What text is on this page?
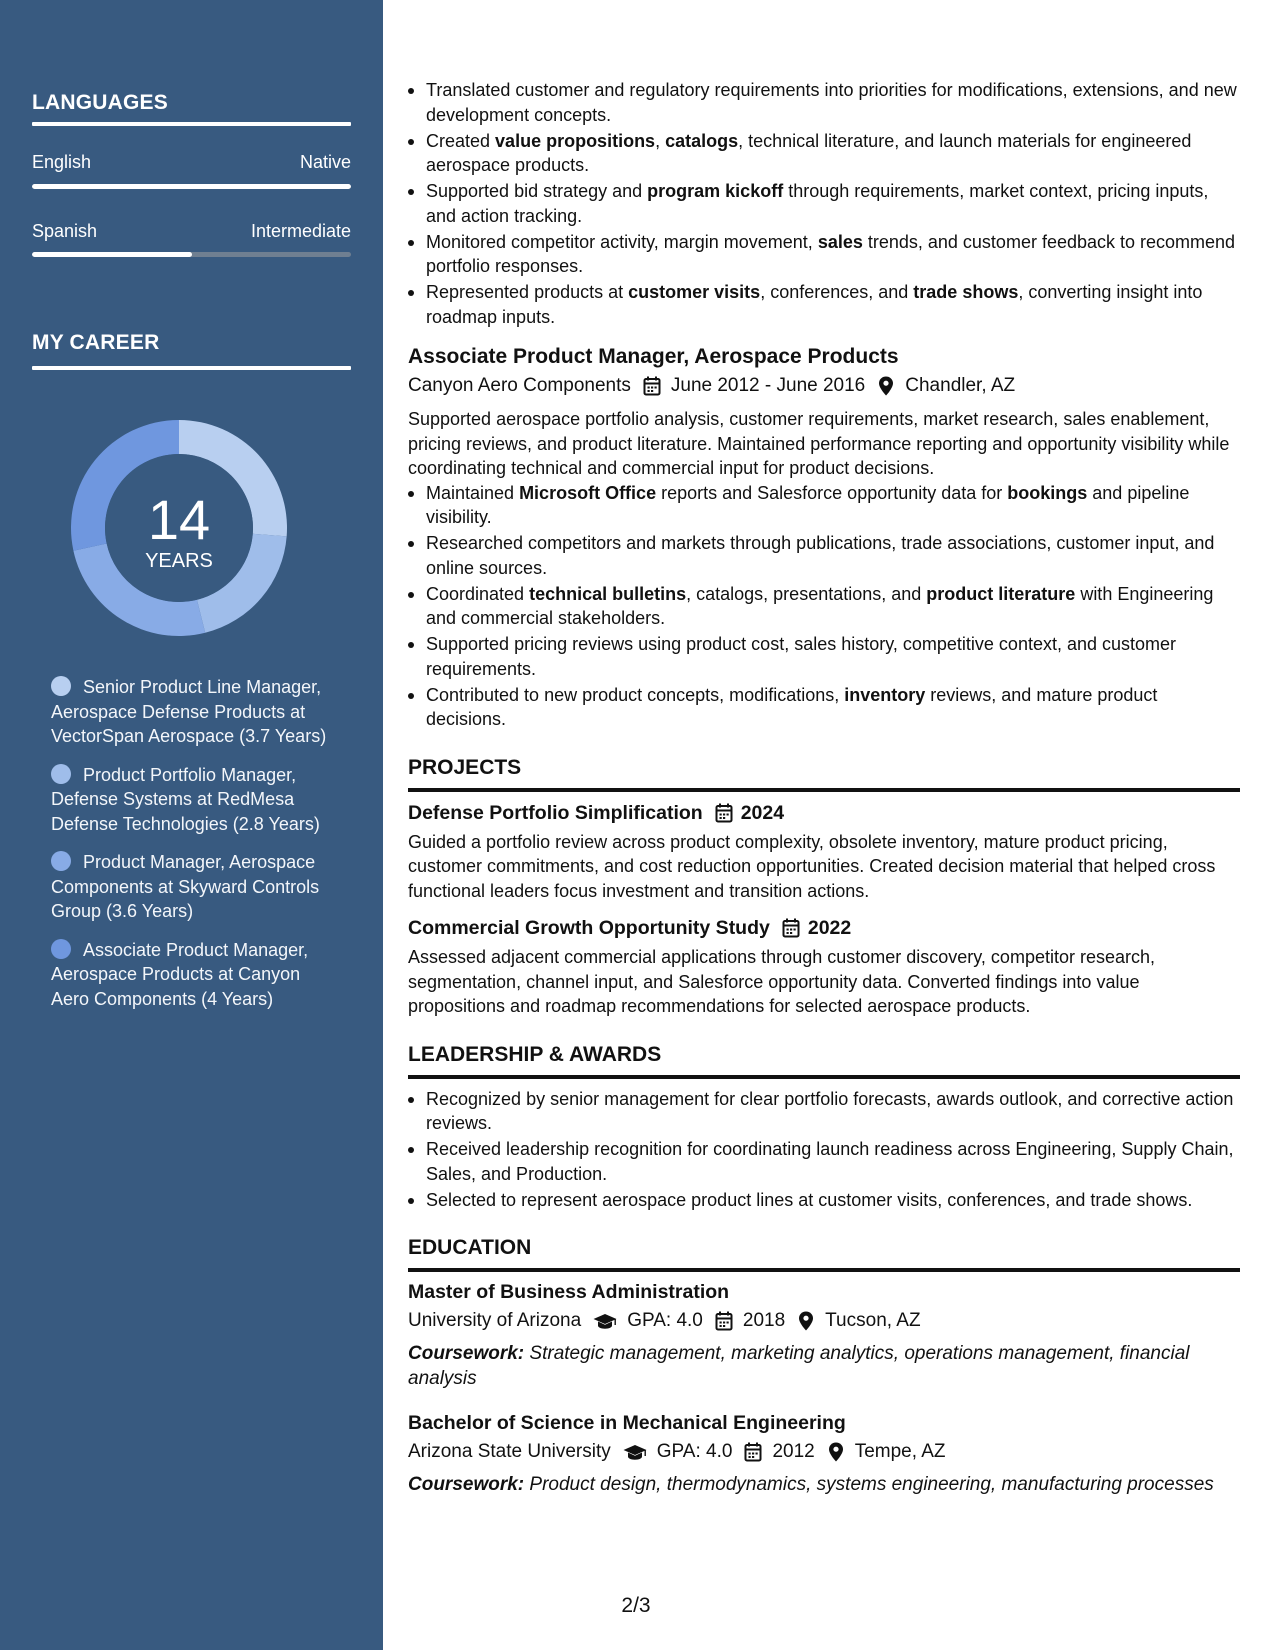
LANGUAGES
English	Native
Spanish	Intermediate
MY CAREER
14
YEARS
Senior Product Line Manager, Aerospace Defense Products at VectorSpan Aerospace (3.7 Years)
Product Portfolio Manager, Defense Systems at RedMesa Defense Technologies (2.8 Years)
Product Manager, Aerospace Components at Skyward Controls Group (3.6 Years)
Associate Product Manager, Aerospace Products at Canyon Aero Components (4 Years)
Translated customer and regulatory requirements into priorities for modifications, extensions, and new development concepts.
Created value propositions, catalogs, technical literature, and launch materials for engineered aerospace products.
Supported bid strategy and program kickoff through requirements, market context, pricing inputs, and action tracking.
Monitored competitor activity, margin movement, sales trends, and customer feedback to recommend portfolio responses.
Represented products at customer visits, conferences, and trade shows, converting insight into roadmap inputs.
Associate Product Manager, Aerospace Products
Canyon Aero Components June 2012 - June 2016 Chandler, AZ
Supported aerospace portfolio analysis, customer requirements, market research, sales enablement, pricing reviews, and product literature. Maintained performance reporting and opportunity visibility while coordinating technical and commercial input for product decisions.
Maintained Microsoft Office reports and Salesforce opportunity data for bookings and pipeline visibility.
Researched competitors and markets through publications, trade associations, customer input, and online sources.
Coordinated technical bulletins, catalogs, presentations, and product literature with Engineering and commercial stakeholders.
Supported pricing reviews using product cost, sales history, competitive context, and customer requirements.
Contributed to new product concepts, modifications, inventory reviews, and mature product decisions.
PROJECTS
Defense Portfolio Simplification 2024
Guided a portfolio review across product complexity, obsolete inventory, mature product pricing, customer commitments, and cost reduction opportunities. Created decision material that helped cross functional leaders focus investment and transition actions.
Commercial Growth Opportunity Study 2022
Assessed adjacent commercial applications through customer discovery, competitor research, segmentation, channel input, and Salesforce opportunity data. Converted findings into value propositions and roadmap recommendations for selected aerospace products.
LEADERSHIP & AWARDS
Recognized by senior management for clear portfolio forecasts, awards outlook, and corrective action reviews.
Received leadership recognition for coordinating launch readiness across Engineering, Supply Chain, Sales, and Production.
Selected to represent aerospace product lines at customer visits, conferences, and trade shows.
EDUCATION
Master of Business Administration
University of Arizona GPA: 4.0 2018 Tucson, AZ
Coursework: Strategic management, marketing analytics, operations management, financial analysis
Bachelor of Science in Mechanical Engineering
Arizona State University GPA: 4.0 2012 Tempe, AZ
Coursework: Product design, thermodynamics, systems engineering, manufacturing processes
2/3
